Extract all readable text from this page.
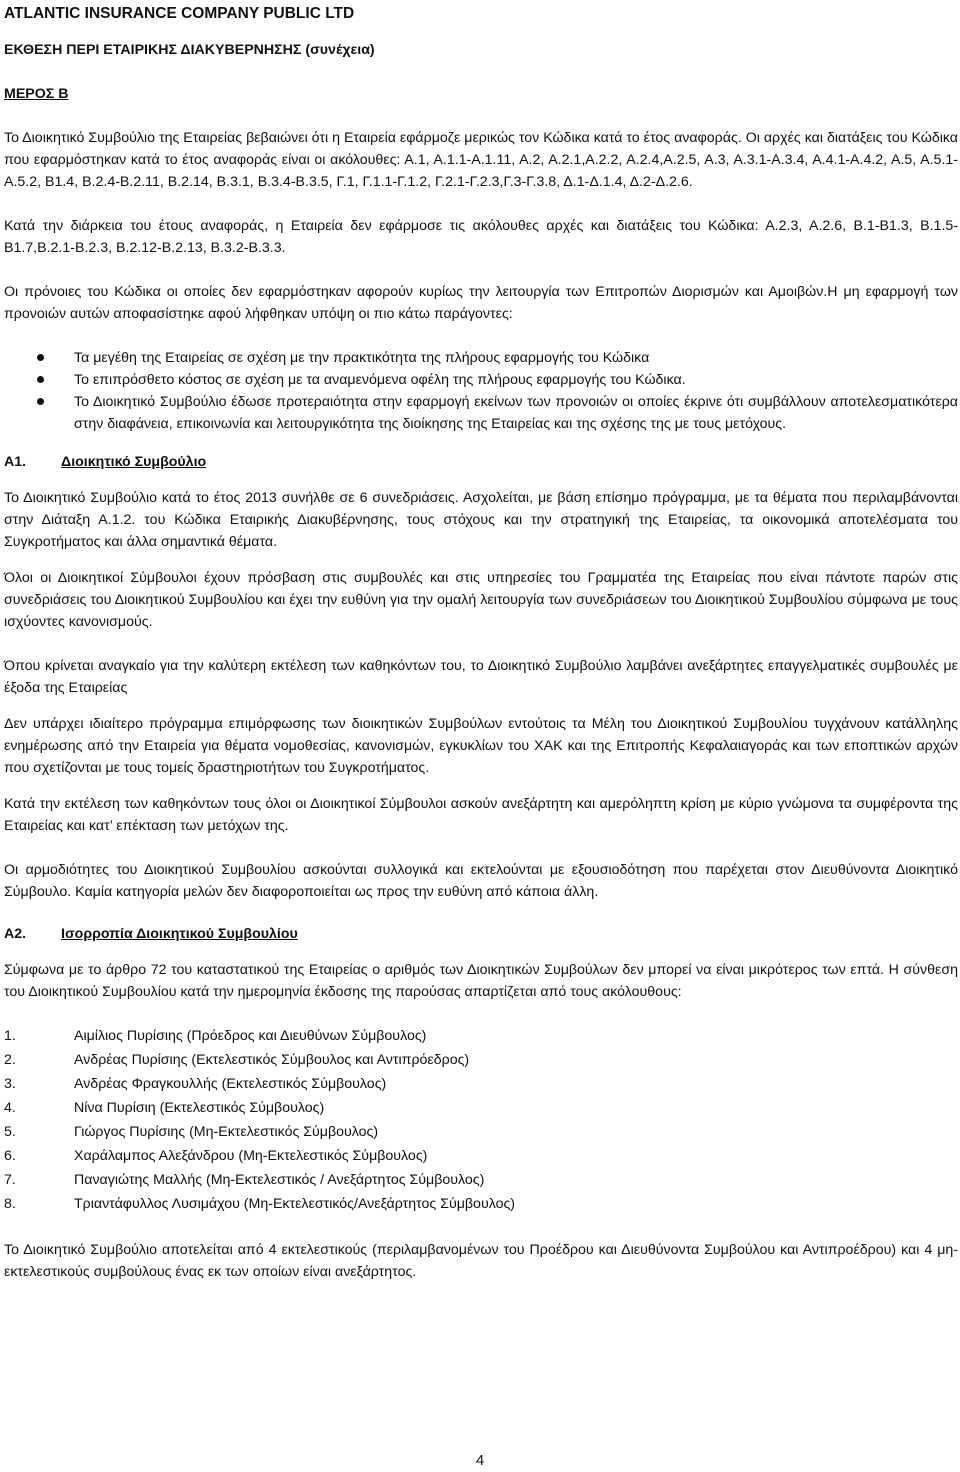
ATLANTIC INSURANCE COMPANY PUBLIC LTD
ΕΚΘΕΣΗ ΠΕΡΙ ΕΤΑΙΡΙΚΗΣ ΔΙΑΚΥΒΕΡΝΗΣΗΣ (συνέχεια)
ΜΕΡΟΣ Β

Το Διοικητικό Συμβούλιο της Εταιρείας βεβαιώνει ότι η Εταιρεία εφάρμοζε μερικώς τον Κώδικα κατά το έτος αναφοράς. Οι αρχές και διατάξεις του Κώδικα που εφαρμόστηκαν κατά το έτος αναφοράς είναι οι ακόλουθες: Α.1, Α.1.1-Α.1.11, Α.2, Α.2.1,Α.2.2, Α.2.4,Α.2.5, Α.3, Α.3.1-Α.3.4, Α.4.1-Α.4.2, Α.5, Α.5.1-Α.5.2, Β1.4, Β.2.4-Β.2.11, Β.2.14, Β.3.1, Β.3.4-Β.3.5, Γ.1, Γ.1.1-Γ.1.2, Γ.2.1-Γ.2.3,Γ.3-Γ.3.8, Δ.1-Δ.1.4, Δ.2-Δ.2.6.

Κατά την διάρκεια του έτους αναφοράς, η Εταιρεία δεν εφάρμοσε τις ακόλουθες αρχές και διατάξεις του Κώδικα: Α.2.3, Α.2.6, Β.1-Β1.3, Β.1.5-Β1.7,Β.2.1-Β.2.3, Β.2.12-Β.2.13, Β.3.2-Β.3.3.

Οι πρόνοιες του Κώδικα οι οποίες δεν εφαρμόστηκαν αφορούν κυρίως την λειτουργία των Επιτροπών Διορισμών και Αμοιβών.Η μη εφαρμογή των προνοιών αυτών αποφασίστηκε αφού λήφθηκαν υπόψη οι πιο κάτω παράγοντες:

Τα μεγέθη της Εταιρείας σε σχέση με την πρακτικότητα της πλήρους εφαρμογής του Κώδικα
Το επιπρόσθετο κόστος σε σχέση με τα αναμενόμενα οφέλη της πλήρους εφαρμογής του Κώδικα.
Το Διοικητικό Συμβούλιο έδωσε προτεραιότητα στην εφαρμογή εκείνων των προνοιών οι οποίες έκρινε ότι συμβάλλουν αποτελεσματικότερα στην διαφάνεια, επικοινωνία και λειτουργικότητα της διοίκησης της Εταιρείας και της σχέσης της με τους μετόχους.
Α1. Διοικητικό Συμβούλιο

Το Διοικητικό Συμβούλιο κατά το έτος 2013 συνήλθε σε 6 συνεδριάσεις. Ασχολείται, με βάση επίσημο πρόγραμμα, με τα θέματα που περιλαμβάνονται στην Διάταξη Α.1.2. του Κώδικα Εταιρικής Διακυβέρνησης, τους στόχους και την στρατηγική της Εταιρείας, τα οικονομικά αποτελέσματα του Συγκροτήματος και άλλα σημαντικά θέματα.

Όλοι οι Διοικητικοί Σύμβουλοι έχουν πρόσβαση στις συμβουλές και στις υπηρεσίες του Γραμματέα της Εταιρείας που είναι πάντοτε παρών στις συνεδριάσεις του Διοικητικού Συμβουλίου και έχει την ευθύνη για την ομαλή λειτουργία των συνεδριάσεων του Διοικητικού Συμβουλίου σύμφωνα με τους ισχύοντες κανονισμούς.

Όπου κρίνεται αναγκαίο για την καλύτερη εκτέλεση των καθηκόντων του, το Διοικητικό Συμβούλιο λαμβάνει ανεξάρτητες επαγγελματικές συμβουλές με έξοδα της Εταιρείας

Δεν υπάρχει ιδιαίτερο πρόγραμμα επιμόρφωσης των διοικητικών Συμβούλων εντούτοις τα Μέλη του Διοικητικού Συμβουλίου τυγχάνουν κατάλληλης ενημέρωσης από την Εταιρεία για θέματα νομοθεσίας, κανονισμών, εγκυκλίων του ΧΑΚ και της Επιτροπής Κεφαλαιαγοράς και των εποπτικών αρχών που σχετίζονται με τους τομείς δραστηριοτήτων του Συγκροτήματος.

Κατά την εκτέλεση των καθηκόντων τους όλοι οι Διοικητικοί Σύμβουλοι ασκούν ανεξάρτητη και αμερόληπτη κρίση με κύριο γνώμονα τα συμφέροντα της Εταιρείας και κατ’ επέκταση των μετόχων της.

Οι αρμοδιότητες του Διοικητικού Συμβουλίου ασκούνται συλλογικά και εκτελούνται με εξουσιοδότηση που παρέχεται στον Διευθύνοντα Διοικητικό Σύμβουλο. Καμία κατηγορία μελών δεν διαφοροποιείται ως προς την ευθύνη από κάποια άλλη.

Α2. Ισορροπία Διοικητικού Συμβουλίου

Σύμφωνα με το άρθρο 72 του καταστατικού της Εταιρείας ο αριθμός των Διοικητικών Συμβούλων δεν μπορεί να είναι μικρότερος των επτά. Η σύνθεση του Διοικητικού Συμβουλίου κατά την ημερομηνία έκδοσης της παρούσας απαρτίζεται από τους ακόλουθους:

1.	Αιμίλιος Πυρίσιης (Πρόεδρος και Διευθύνων Σύμβουλος)
2.	Ανδρέας Πυρίσιης (Εκτελεστικός Σύμβουλος και Αντιπρόεδρος)
3.	Ανδρέας Φραγκουλλής (Εκτελεστικός Σύμβουλος)
4.	Νίνα Πυρίσιη (Εκτελεστικός Σύμβουλος)
5.	Γιώργος Πυρίσιης (Μη-Εκτελεστικός Σύμβουλος)
6.	Χαράλαμπος Αλεξάνδρου (Μη-Εκτελεστικός Σύμβουλος)
7.	Παναγιώτης Μαλλής (Μη-Εκτελεστικός / Ανεξάρτητος Σύμβουλος)
8.	Τριαντάφυλλος Λυσιμάχου (Μη-Εκτελεστικός/Ανεξάρτητος Σύμβουλος)

Το Διοικητικό Συμβούλιο αποτελείται από 4 εκτελεστικούς (περιλαμβανομένων του Προέδρου και Διευθύνοντα Συμβούλου και Αντιπροέδρου) και 4 μη-εκτελεστικούς συμβούλους ένας εκ των οποίων είναι ανεξάρτητος.

4
